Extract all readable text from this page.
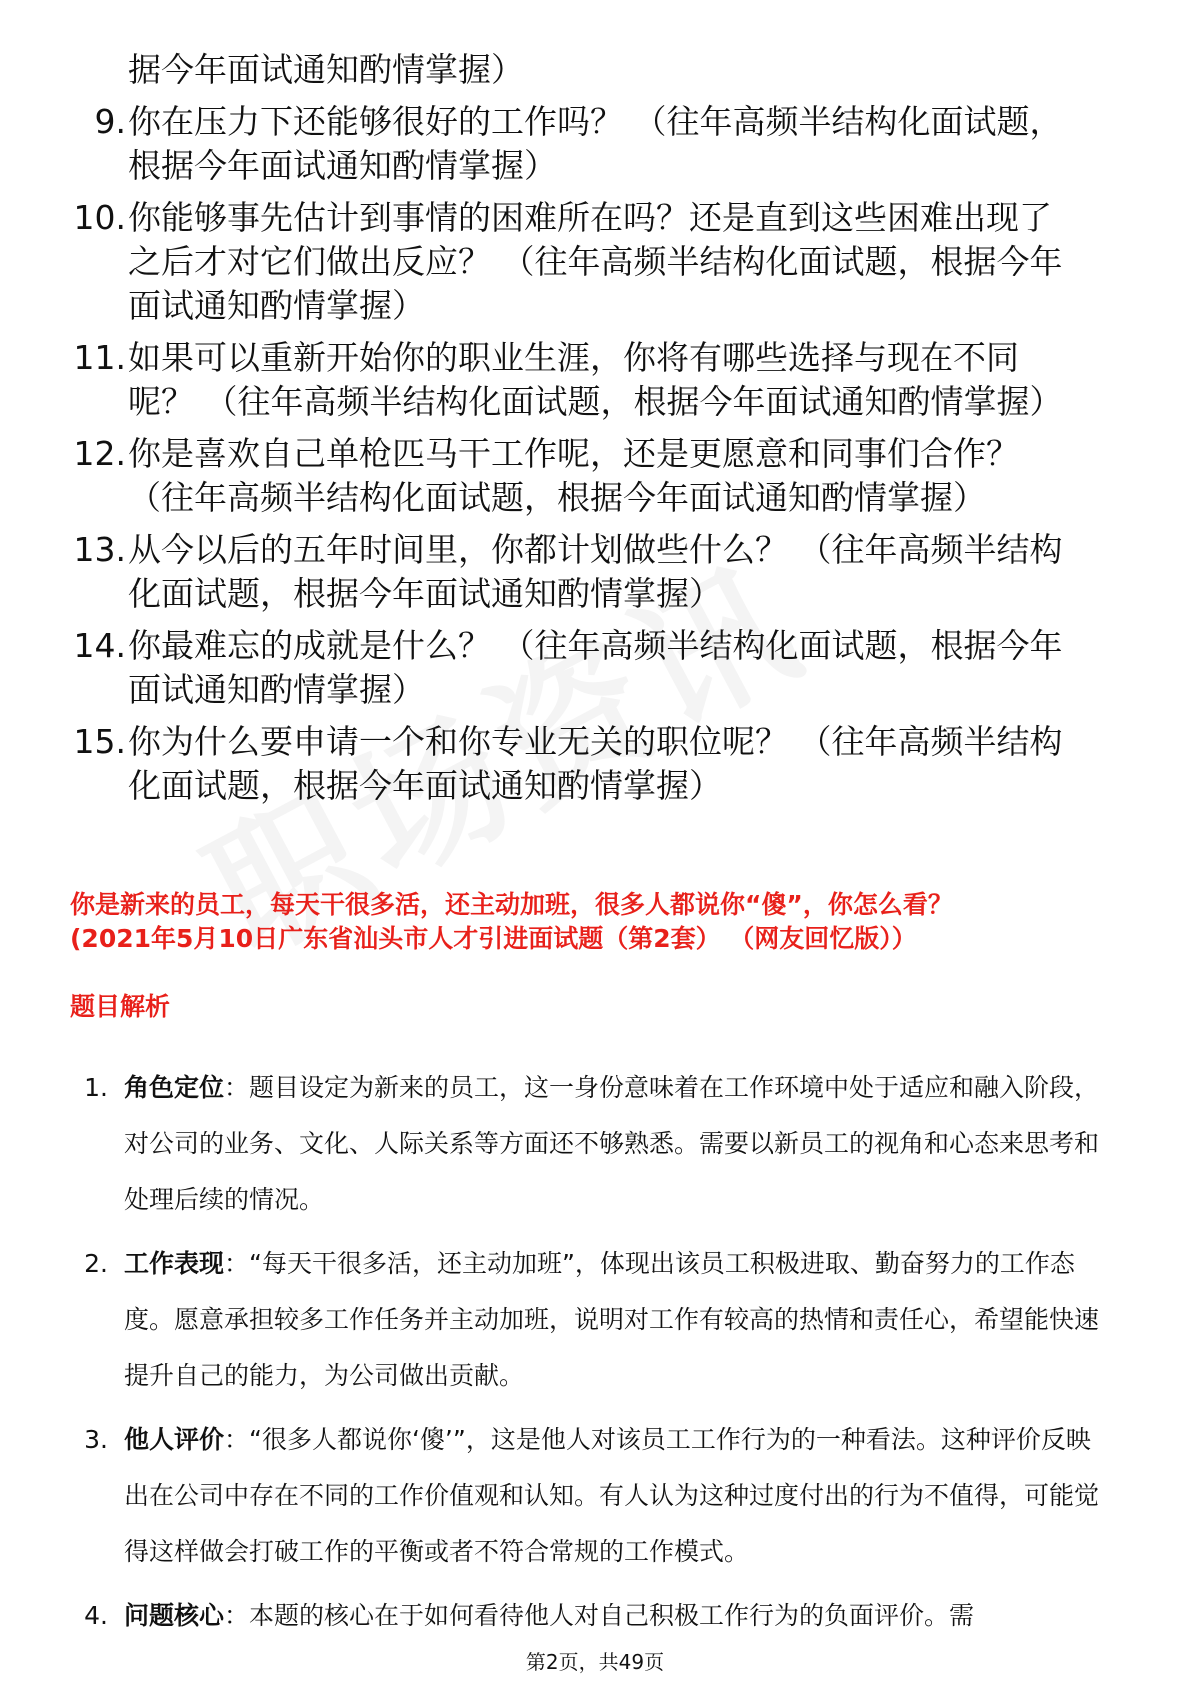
据今年面试通知酌情掌握）
9. 你在压力下还能够很好的工作吗？ （往年高频半结构化面试题，
根据今年面试通知酌情掌握）
10. 你能够事先估计到事情的困难所在吗？还是直到这些困难出现了
之后才对它们做出反应？ （往年高频半结构化面试题，根据今年
面试通知酌情掌握）
11. 如果可以重新开始你的职业生涯，你将有哪些选择与现在不同
呢？ （往年高频半结构化面试题，根据今年面试通知酌情掌握）
12. 你是喜欢自己单枪匹马干工作呢，还是更愿意和同事们合作？
（往年高频半结构化面试题，根据今年面试通知酌情掌握）
13. 从今以后的五年时间里，你都计划做些什么？ （往年高频半结构
化面试题，根据今年面试通知酌情掌握）
14. 你最难忘的成就是什么？ （往年高频半结构化面试题，根据今年
面试通知酌情掌握）
15. 你为什么要申请一个和你专业无关的职位呢？ （往年高频半结构
化面试题，根据今年面试通知酌情掌握）
你是新来的员工，每天干很多活，还主动加班，很多人都说你“傻”，你怎么看？
(2021年5月10日广东省汕头市人才引进面试题（第2套） （网友回忆版））
题目解析
1. 角色定位：题目设定为新来的员工，这一身份意味着在工作环境中处于适应和融入阶段，对公司的业务、文化、人际关系等方面还不够熟悉。需要以新员工的视角和心态来思考和处理后续的情况。
2. 工作表现：“每天干很多活，还主动加班”，体现出该员工积极进取、勤奋努力的工作态度。愿意承担较多工作任务并主动加班，说明对工作有较高的热情和责任心，希望能快速提升自己的能力，为公司做出贡献。
3. 他人评价：“很多人都说你‘傻’”，这是他人对该员工工作行为的一种看法。这种评价反映出在公司中存在不同的工作价值观和认知。有人认为这种过度付出的行为不值得，可能觉得这样做会打破工作的平衡或者不符合常规的工作模式。
4. 问题核心：本题的核心在于如何看待他人对自己积极工作行为的负面评价。需
第2页，共49页
